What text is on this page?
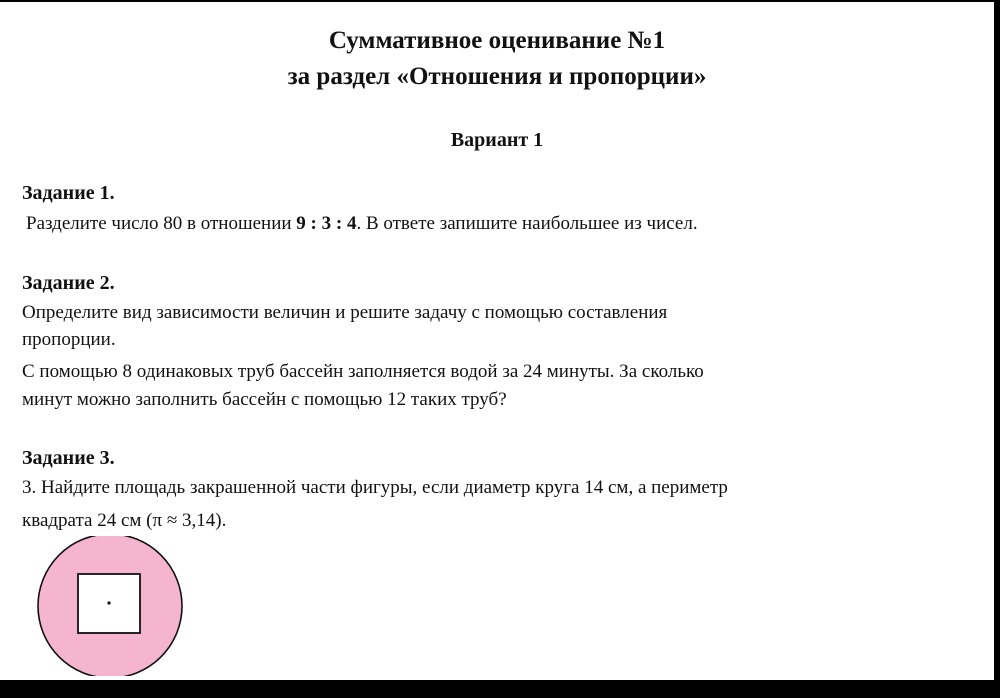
Суммативное оценивание №1
за раздел «Отношения и пропорции»
Вариант 1
Задание 1.
Разделите число 80 в отношении 9 : 3 : 4. В ответе запишите наибольшее из чисел.
Задание 2.
Определите вид зависимости величин и решите задачу с помощью составления
пропорции.
С помощью 8 одинаковых труб бассейн заполняется водой за 24 минуты. За сколько
минут можно заполнить бассейн с помощью 12 таких труб?
Задание 3.
3. Найдите площадь закрашенной части фигуры, если диаметр круга 14 см, а периметр
квадрата 24 см (π ≈ 3,14).
